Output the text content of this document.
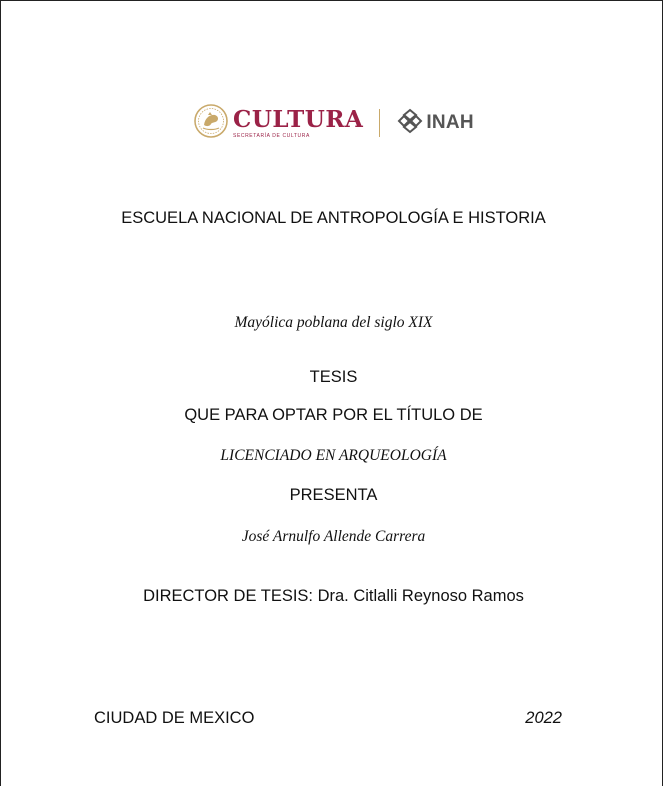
CULTURA
SECRETARÍA DE CULTURA
INAH
ESCUELA NACIONAL DE ANTROPOLOGÍA E HISTORIA
Mayólica poblana del siglo XIX
TESIS
QUE PARA OPTAR POR EL TÍTULO DE
LICENCIADO EN ARQUEOLOGÍA
PRESENTA
José Arnulfo Allende Carrera
DIRECTOR DE TESIS: Dra. Citlalli Reynoso Ramos
CIUDAD DE MEXICO	2022
